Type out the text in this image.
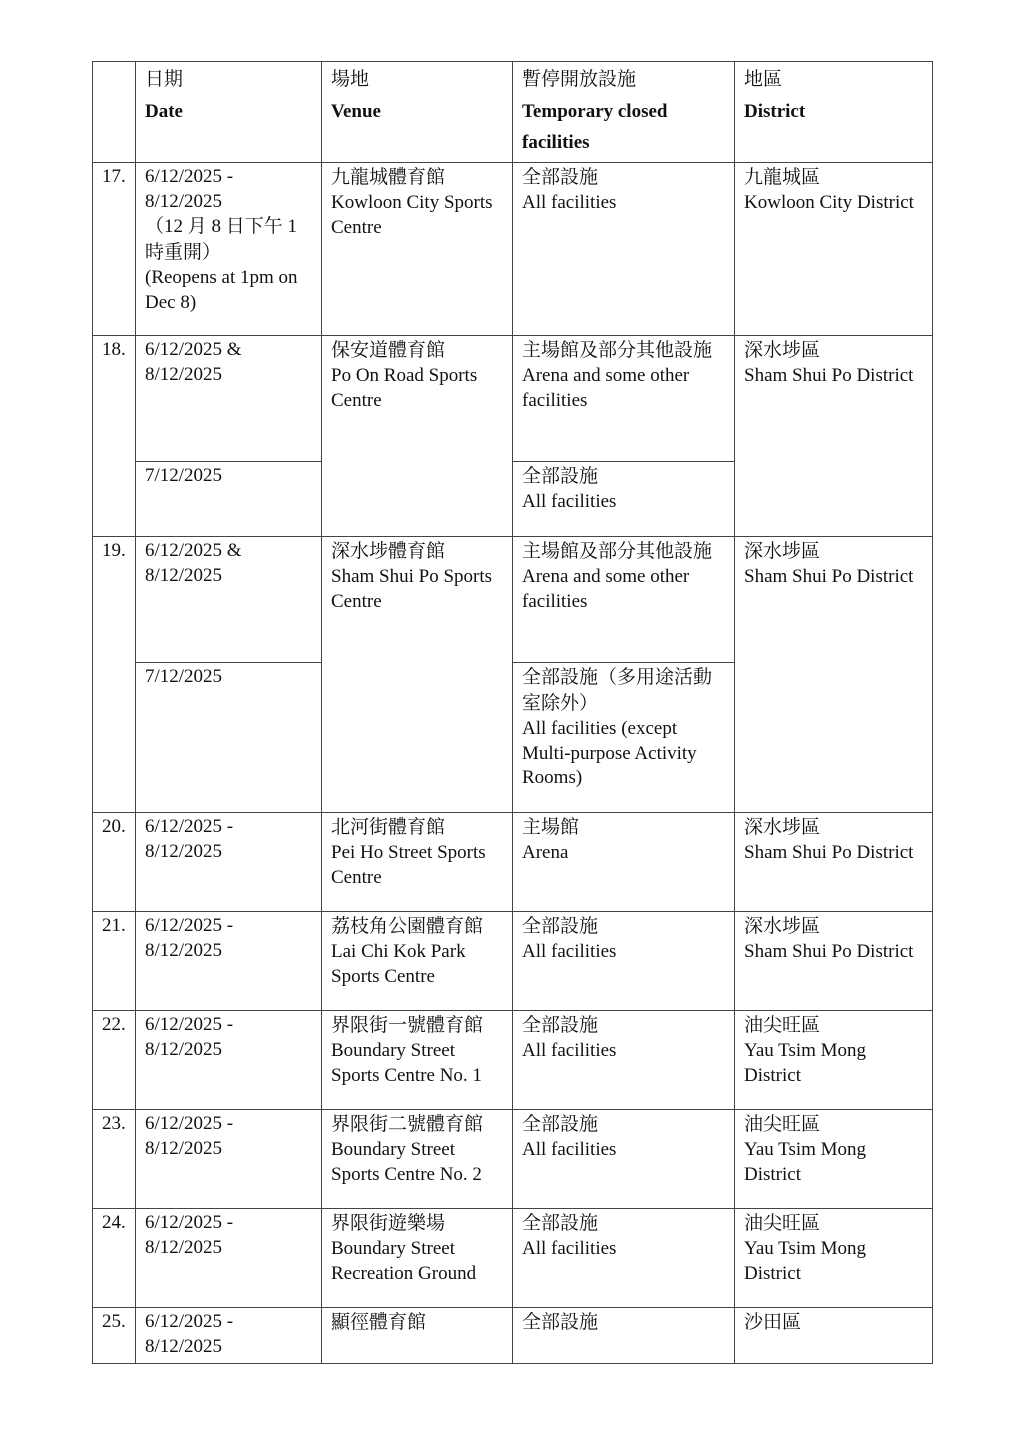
	日期
Date	場地
Venue	暫停開放設施
Temporary closed facilities	地區
District

17.	6/12/2025 -
8/12/2025
（12 月 8 日下午 1 時重開）
(Reopens at 1pm on Dec 8)	九龍城體育館
Kowloon City Sports Centre	全部設施
All facilities	九龍城區
Kowloon City District

18.	6/12/2025 & 8/12/2025	保安道體育館
Po On Road Sports Centre	主場館及部分其他設施
Arena and some other facilities	深水埗區
Sham Shui Po District

	7/12/2025		全部設施
All facilities	

19.	6/12/2025 & 8/12/2025	深水埗體育館
Sham Shui Po Sports Centre	主場館及部分其他設施
Arena and some other facilities	深水埗區
Sham Shui Po District

	7/12/2025		全部設施（多用途活動室除外）
All facilities (except Multi-purpose Activity Rooms)	

20.	6/12/2025 - 8/12/2025	北河街體育館
Pei Ho Street Sports Centre	主場館
Arena	深水埗區
Sham Shui Po District

21.	6/12/2025 - 8/12/2025	荔枝角公園體育館
Lai Chi Kok Park Sports Centre	全部設施
All facilities	深水埗區
Sham Shui Po District

22.	6/12/2025 - 8/12/2025	界限街一號體育館
Boundary Street Sports Centre No. 1	全部設施
All facilities	油尖旺區
Yau Tsim Mong District

23.	6/12/2025 - 8/12/2025	界限街二號體育館
Boundary Street Sports Centre No. 2	全部設施
All facilities	油尖旺區
Yau Tsim Mong District

24.	6/12/2025 - 8/12/2025	界限街遊樂場
Boundary Street Recreation Ground	全部設施
All facilities	油尖旺區
Yau Tsim Mong District

25.	6/12/2025 - 8/12/2025	顯徑體育館	全部設施	沙田區
